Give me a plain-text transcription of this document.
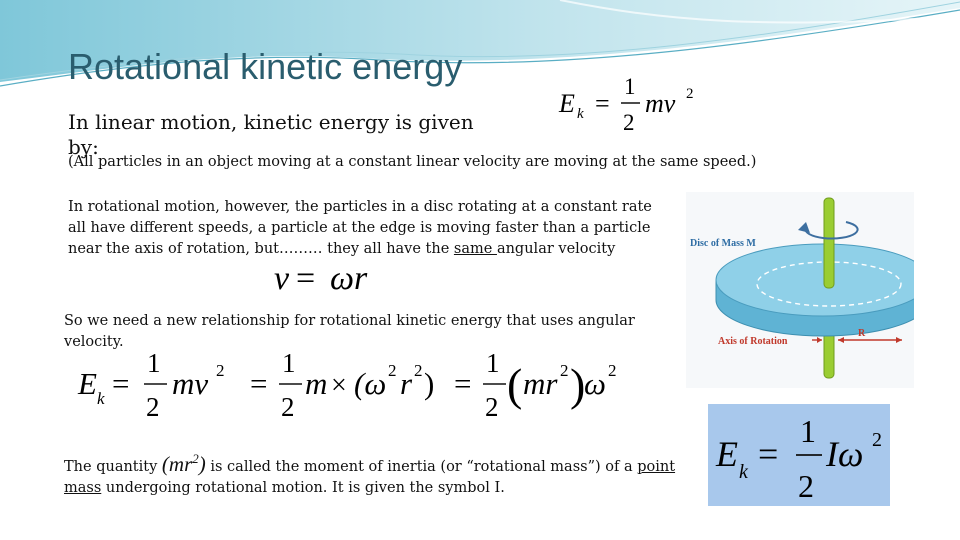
Rotational kinetic energy
In linear motion, kinetic energy is given by:
(All particles in an object moving at a constant linear velocity are moving at the same speed.)
E k =
1
2
mv 2
In rotational motion, however, the particles in a disc rotating at a constant rate all have different speeds, a particle at the edge is moving faster than a particle near the axis of rotation, but……… they all have the same angular velocity
v = ωr
So we need a new relationship for rotational kinetic energy that uses angular velocity.
E k =
1
2
mv 2 =
1
2
m × (ω 2 r 2 ) =
1
2 ( mr 2 )
ω 2
The quantity $(mr^2)$ is called the moment of inertia (or “rotational mass”) of a point mass undergoing rotational motion. It is given the symbol I.
Disc of Mass M
Axis of Rotation
R
E k =
1
2
Iω 2
